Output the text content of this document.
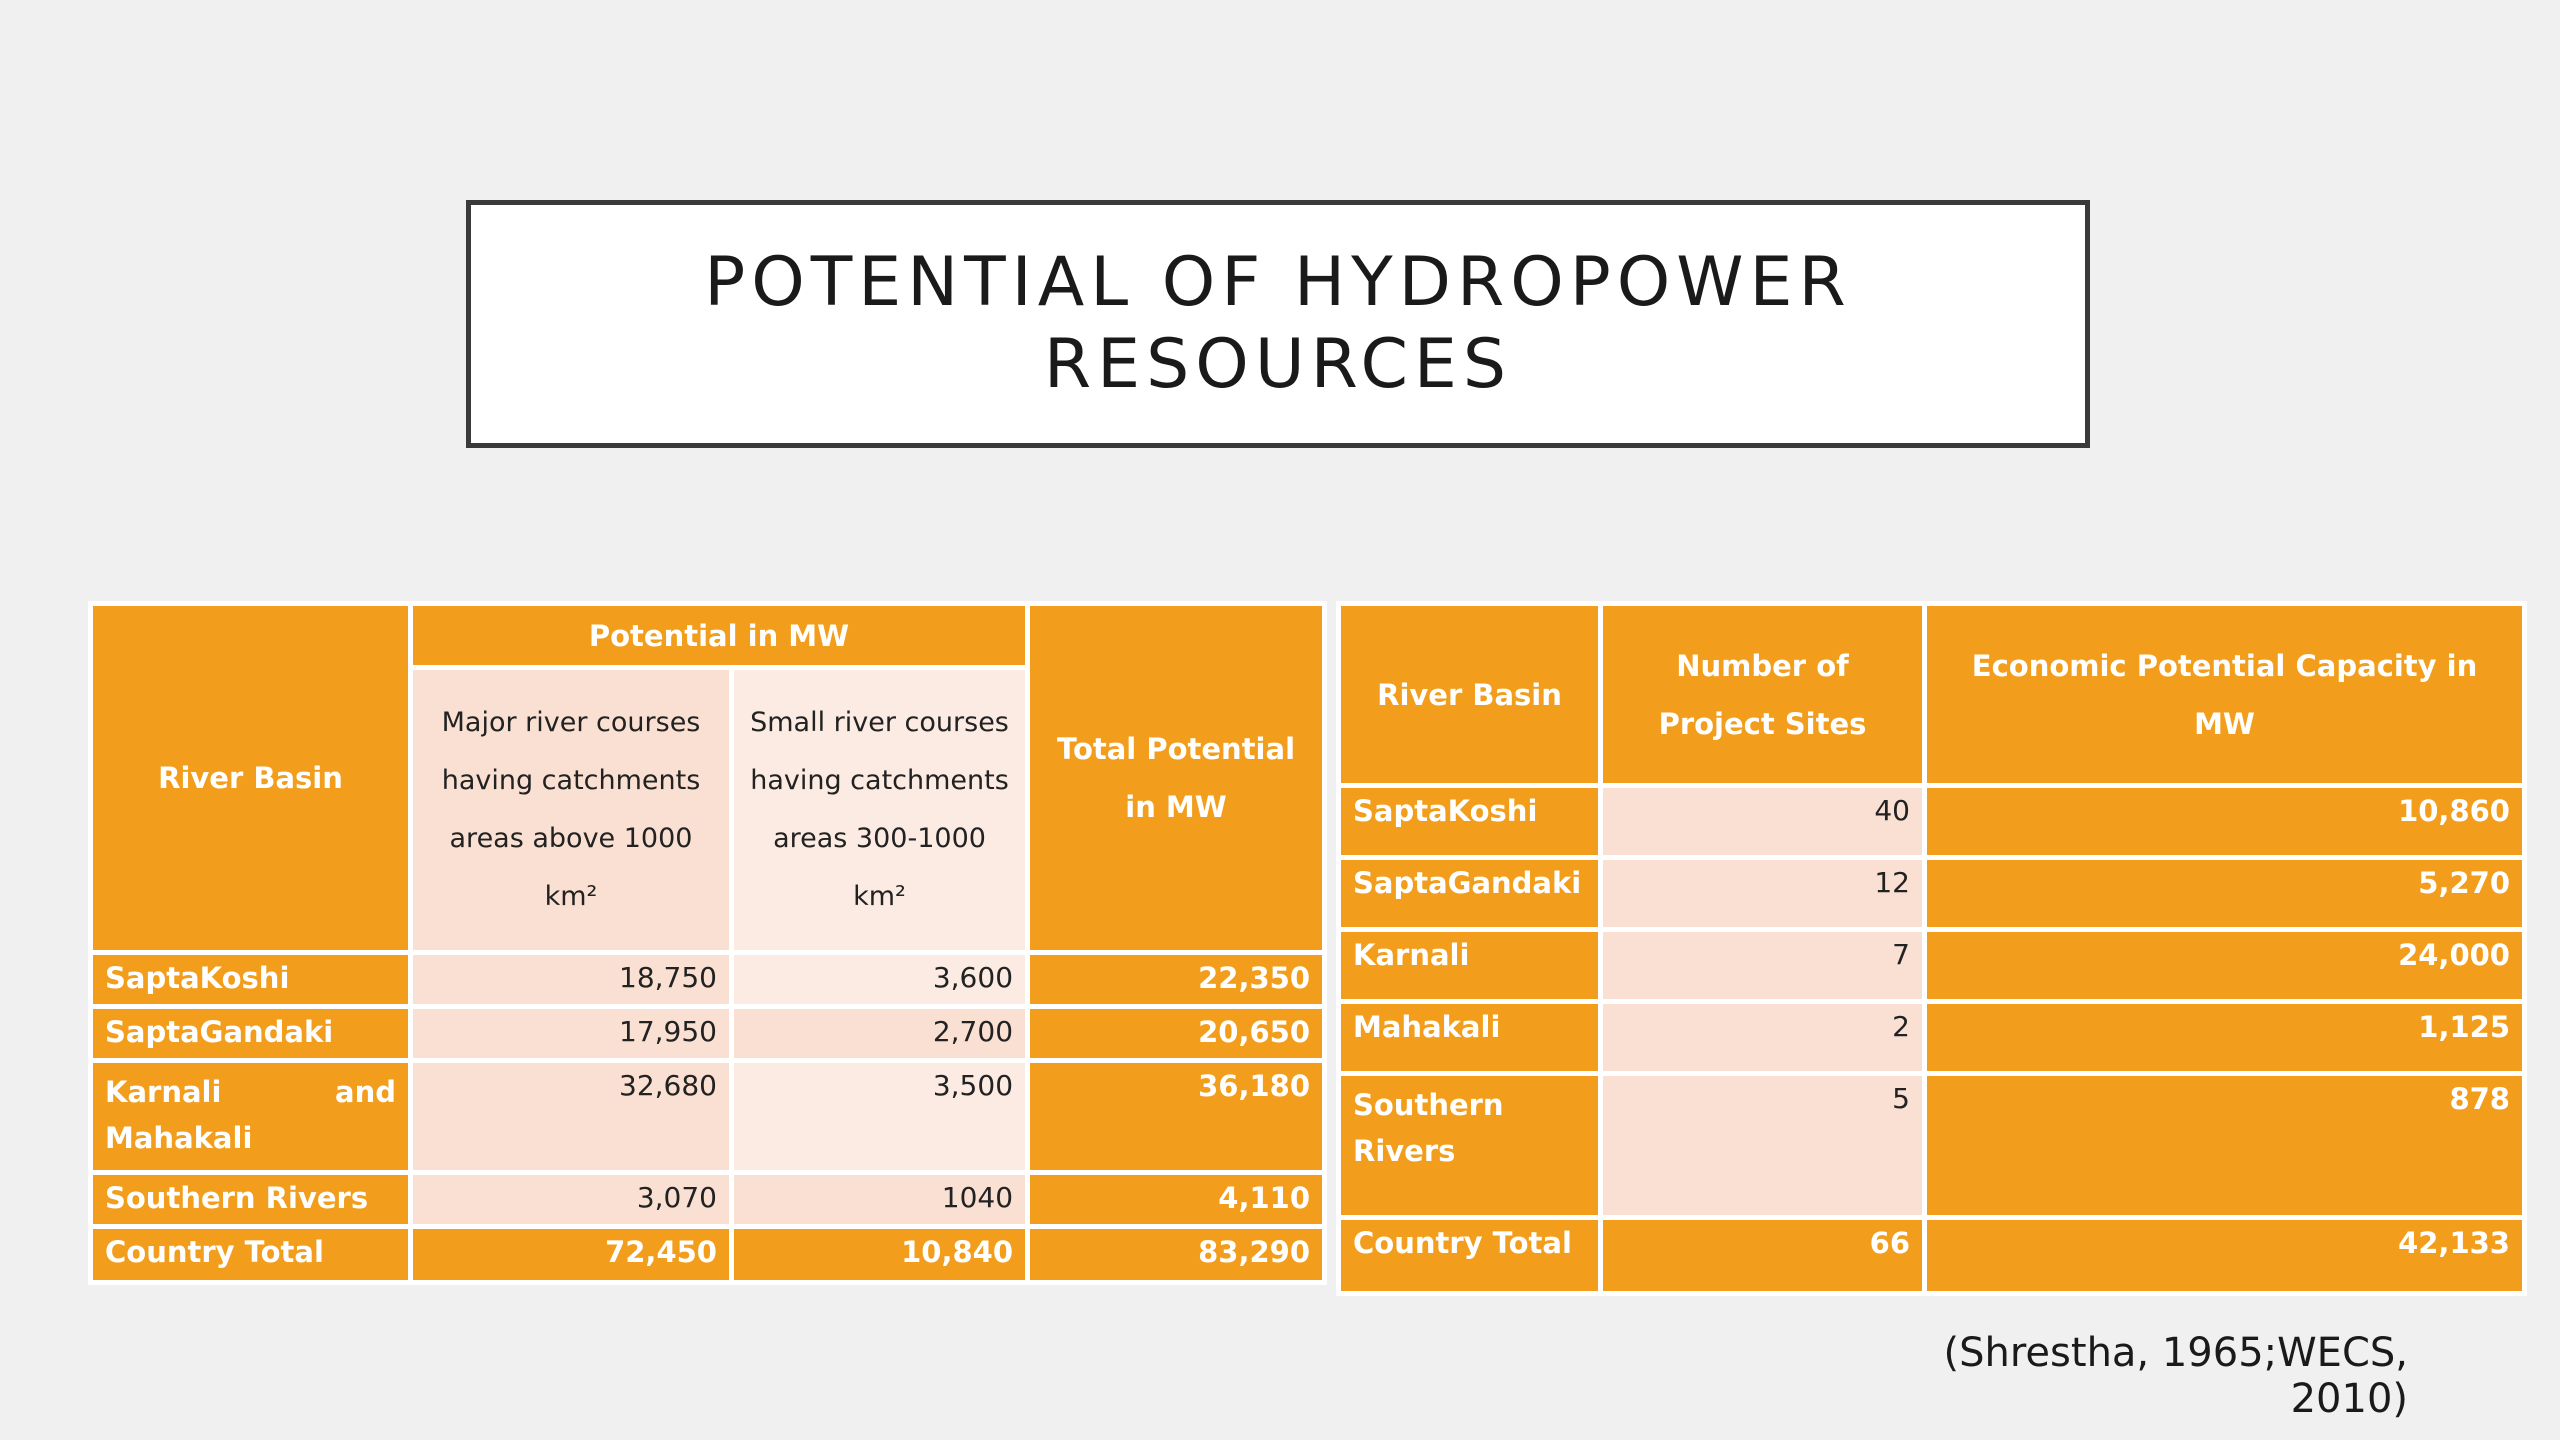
POTENTIAL OF HYDROPOWER RESOURCES
River Basin	Potential in MW		Total Potential in MW
	Major river courses having catchments areas above 1000 km²	Small river courses having catchments areas 300-1000 km²	
SaptaKoshi	18,750	3,600	22,350
SaptaGandaki	17,950	2,700	20,650
Karnali and Mahakali	32,680	3,500	36,180
Southern Rivers	3,070	1040	4,110
Country Total	72,450	10,840	83,290
River Basin	Number of Project Sites	Economic Potential Capacity in MW
SaptaKoshi	40	10,860
SaptaGandaki	12	5,270
Karnali	7	24,000
Mahakali	2	1,125
Southern Rivers	5	878
Country Total	66	42,133
(Shrestha, 1965;WECS, 2010)
